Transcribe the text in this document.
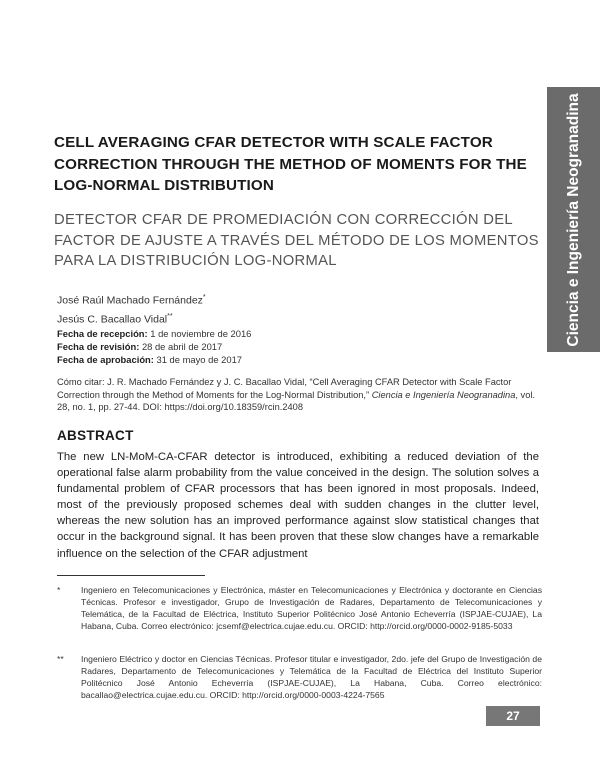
Ciencia e Ingeniería Neogranadina
CELL AVERAGING CFAR DETECTOR WITH SCALE FACTOR CORRECTION THROUGH THE METHOD OF MOMENTS FOR THE LOG-NORMAL DISTRIBUTION
DETECTOR CFAR DE PROMEDIACIÓN CON CORRECCIÓN DEL FACTOR DE AJUSTE A TRAVÉS DEL MÉTODO DE LOS MOMENTOS PARA LA DISTRIBUCIÓN LOG-NORMAL
José Raúl Machado Fernández*
Jesús C. Bacallao Vidal**
Fecha de recepción: 1 de noviembre de 2016
Fecha de revisión: 28 de abril de 2017
Fecha de aprobación: 31 de mayo de 2017
Cómo citar: J. R. Machado Fernández y J. C. Bacallao Vidal, “Cell Averaging CFAR Detector with Scale Factor Correction through the Method of Moments for the Log-Normal Distribution,” Ciencia e Ingeniería Neogranadina, vol. 28, no. 1, pp. 27-44. DOI: https://doi.org/10.18359/rcin.2408
ABSTRACT
The new LN-MoM-CA-CFAR detector is introduced, exhibiting a reduced deviation of the operational false alarm probability from the value conceived in the design. The solution solves a fundamental problem of CFAR processors that has been ignored in most proposals. Indeed, most of the previously proposed schemes deal with sudden changes in the clutter level, whereas the new solution has an improved performance against slow statistical changes that occur in the background signal. It has been proven that these slow changes have a remarkable influence on the selection of the CFAR adjustment
* Ingeniero en Telecomunicaciones y Electrónica, máster en Telecomunicaciones y Electrónica y doctorante en Ciencias Técnicas. Profesor e investigador, Grupo de Investigación de Radares, Departamento de Telecomunicaciones y Telemática, de la Facultad de Eléctrica, Instituto Superior Politécnico José Antonio Echeverría (ISPJAE-CUJAE), La Habana, Cuba. Correo electrónico: jcsemf@electrica.cujae.edu.cu. ORCID: http://orcid.org/0000-0002-9185-5033
** Ingeniero Eléctrico y doctor en Ciencias Técnicas. Profesor titular e investigador, 2do. jefe del Grupo de Investigación de Radares, Departamento de Telecomunicaciones y Telemática de la Facultad de Eléctrica del Instituto Superior Politécnico José Antonio Echeverría (ISPJAE-CUJAE), La Habana, Cuba. Correo electrónico: bacallao@electrica.cujae.edu.cu. ORCID: http://orcid.org/0000-0003-4224-7565
27
